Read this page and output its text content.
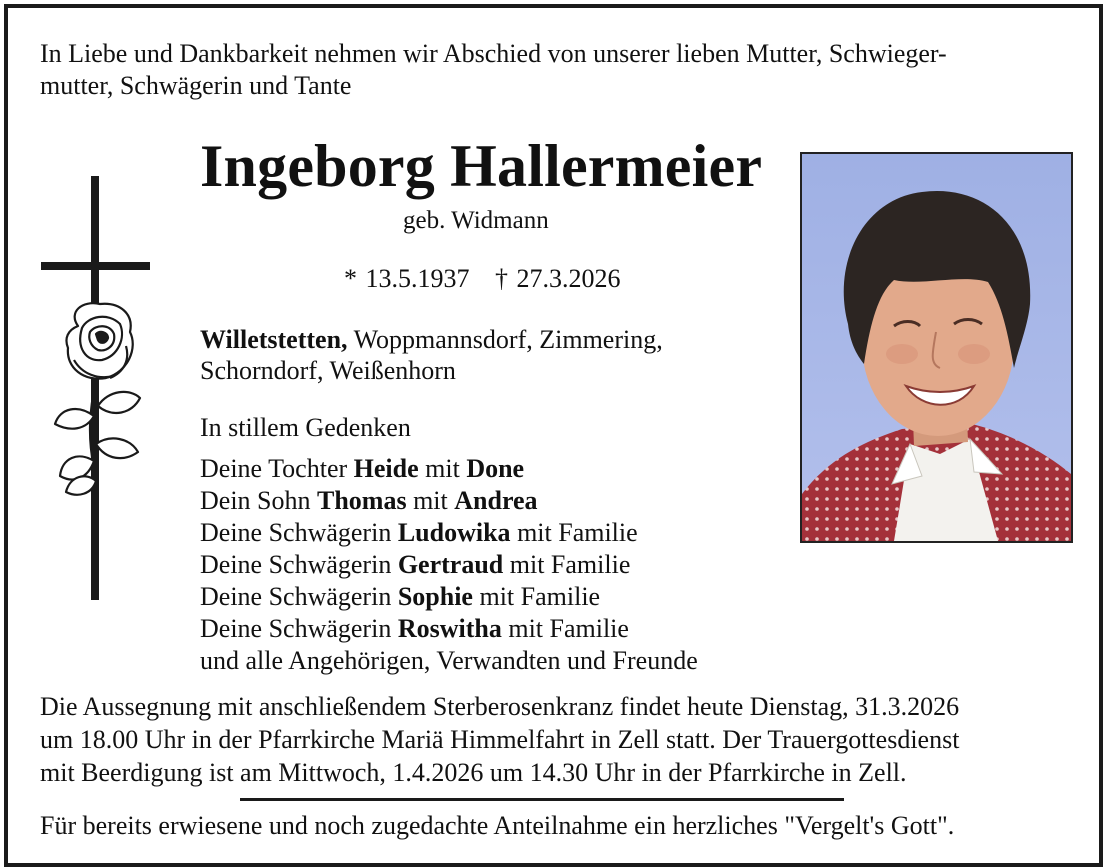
In Liebe und Dankbarkeit nehmen wir Abschied von unserer lieben Mutter, Schwieger-
mutter, Schwägerin und Tante
Ingeborg Hallermeier
geb. Widmann
* 13.5.1937   † 27.3.2026
Willetstetten, Woppmannsdorf, Zimmering,
Schorndorf, Weißenhorn
In stillem Gedenken
Deine Tochter Heide mit Done
Dein Sohn Thomas mit Andrea
Deine Schwägerin Ludowika mit Familie
Deine Schwägerin Gertraud mit Familie
Deine Schwägerin Sophie mit Familie
Deine Schwägerin Roswitha mit Familie
und alle Angehörigen, Verwandten und Freunde
Die Aussegnung mit anschließendem Sterberosenkranz findet heute Dienstag, 31.3.2026
um 18.00 Uhr in der Pfarrkirche Mariä Himmelfahrt in Zell statt. Der Trauergottesdienst
mit Beerdigung ist am Mittwoch, 1.4.2026 um 14.30 Uhr in der Pfarrkirche in Zell.
Für bereits erwiesene und noch zugedachte Anteilnahme ein herzliches "Vergelt's Gott".
